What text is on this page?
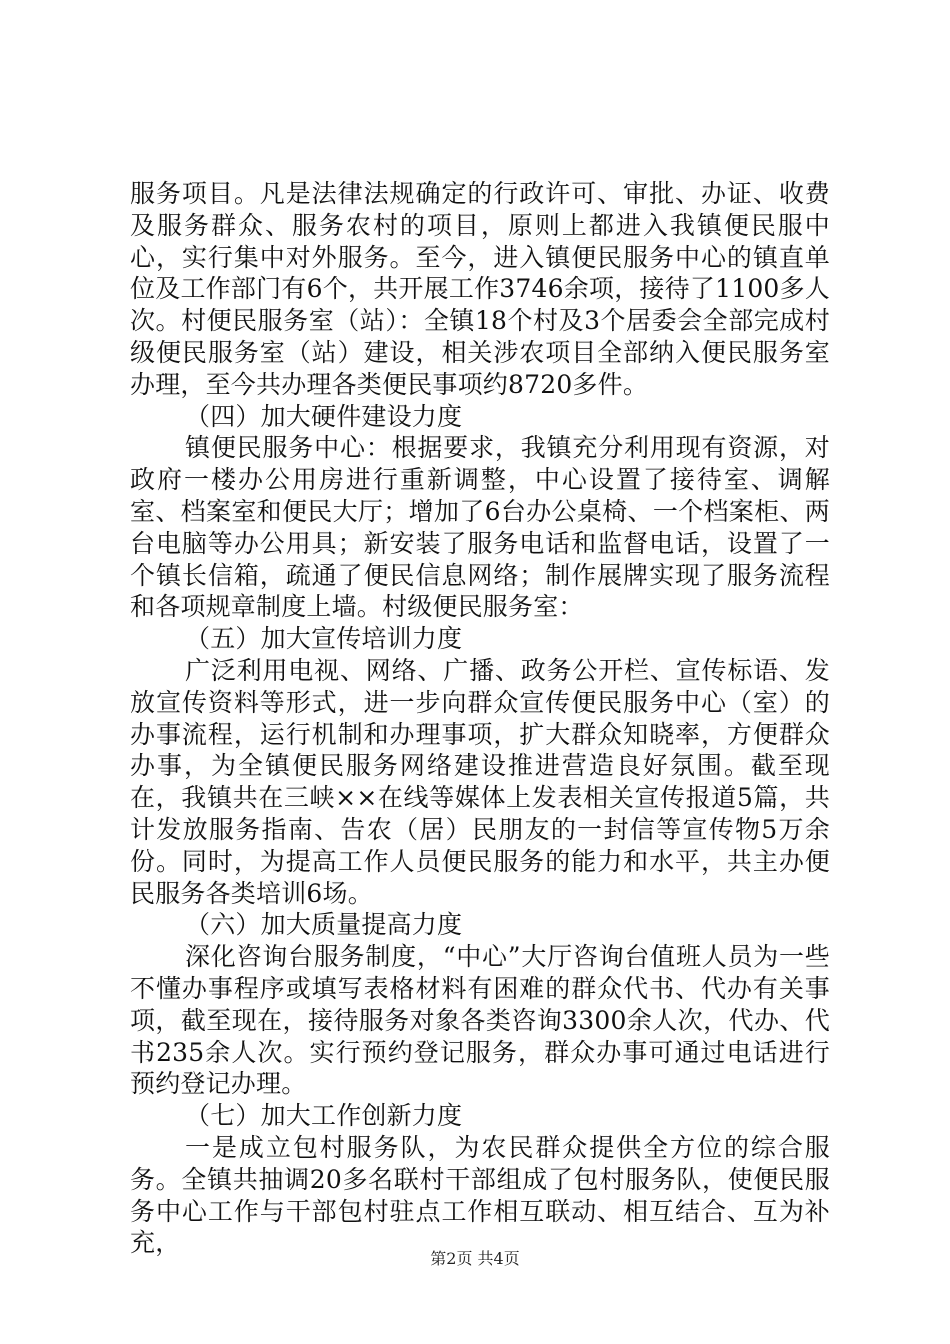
服务项目。凡是法律法规确定的行政许可、审批、办证、收费及服务群众、服务农村的项目，原则上都进入我镇便民服中心，实行集中对外服务。至今，进入镇便民服务中心的镇直单位及工作部门有6个，共开展工作3746余项，接待了1100多人次。村便民服务室（站）：全镇18个村及3个居委会全部完成村级便民服务室（站）建设，相关涉农项目全部纳入便民服务室办理，至今共办理各类便民事项约8720多件。

（四）加大硬件建设力度

镇便民服务中心：根据要求，我镇充分利用现有资源，对政府一楼办公用房进行重新调整，中心设置了接待室、调解室、档案室和便民大厅；增加了6台办公桌椅、一个档案柜、两台电脑等办公用具；新安装了服务电话和监督电话，设置了一个镇长信箱，疏通了便民信息网络；制作展牌实现了服务流程和各项规章制度上墙。村级便民服务室：

（五）加大宣传培训力度

广泛利用电视、网络、广播、政务公开栏、宣传标语、发放宣传资料等形式，进一步向群众宣传便民服务中心（室）的办事流程，运行机制和办理事项，扩大群众知晓率，方便群众办事，为全镇便民服务网络建设推进营造良好氛围。截至现在，我镇共在三峡××在线等媒体上发表相关宣传报道5篇，共计发放服务指南、告农（居）民朋友的一封信等宣传物5万余份。同时，为提高工作人员便民服务的能力和水平，共主办便民服务各类培训6场。

（六）加大质量提高力度

深化咨询台服务制度，“中心”大厅咨询台值班人员为一些不懂办事程序或填写表格材料有困难的群众代书、代办有关事项，截至现在，接待服务对象各类咨询3300余人次，代办、代书235余人次。实行预约登记服务，群众办事可通过电话进行预约登记办理。

（七）加大工作创新力度

一是成立包村服务队，为农民群众提供全方位的综合服务。全镇共抽调20多名联村干部组成了包村服务队，使便民服务中心工作与干部包村驻点工作相互联动、相互结合、互为补充，

第2页 共4页
